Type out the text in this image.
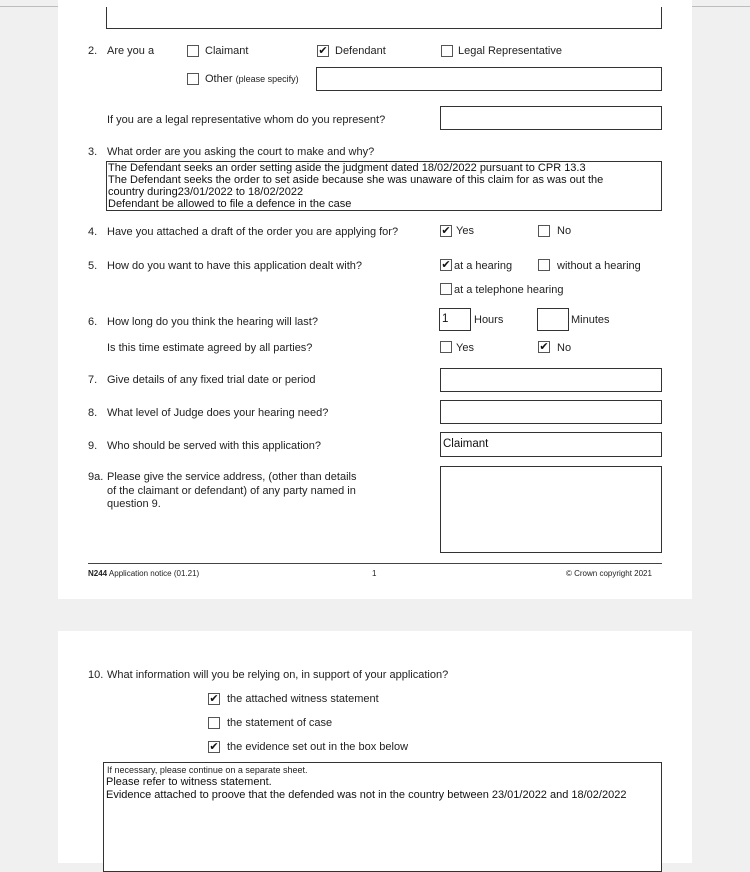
2. Are you a	Claimant	✔ Defendant	Legal Representative
Other (please specify)
If you are a legal representative whom do you represent?
3. What order are you asking the court to make and why?
The Defendant seeks an order setting aside the judgment dated 18/02/2022 pursuant to CPR 13.3
The Defendant seeks the order to set aside because she was unaware of this claim for as was out the
country during23/01/2022 to 18/02/2022
Defendant be allowed to file a defence in the case
4. Have you attached a draft of the order you are applying for?	✔ Yes	No
5. How do you want to have this application dealt with?	✔ at a hearing	without a hearing
at a telephone hearing
6. How long do you think the hearing will last?	1	Hours	Minutes
Is this time estimate agreed by all parties?	Yes	✔ No
7. Give details of any fixed trial date or period
8. What level of Judge does your hearing need?
9. Who should be served with this application?	Claimant
9a. Please give the service address, (other than details
of the claimant or defendant) of any party named in
question 9.
N244 Application notice (01.21)	1	© Crown copyright 2021
10. What information will you be relying on, in support of your application?
✔ the attached witness statement
the statement of case
✔ the evidence set out in the box below
If necessary, please continue on a separate sheet.
Please refer to witness statement.
Evidence attached to proove that the defended was not in the country between 23/01/2022 and 18/02/2022
